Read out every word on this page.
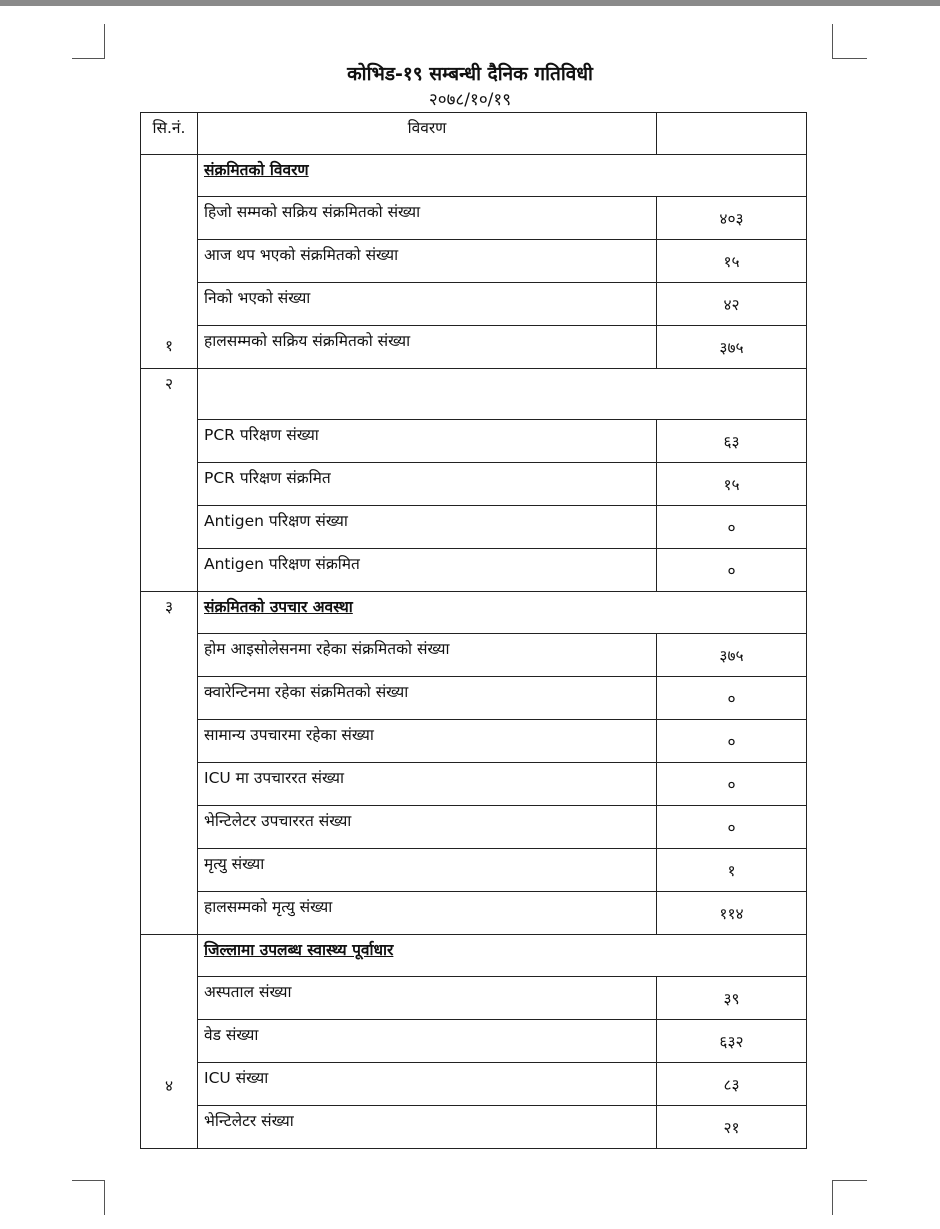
कोभिड-१९ सम्बन्धी दैनिक गतिविधी
२०७८/१०/१९
सि.नं.	विवरण	
१	संक्रमितको विवरण	
	हिजो सम्मको सक्रिय संक्रमितको संख्या	४०३
	आज थप भएको संक्रमितको संख्या	१५
	निको भएको संख्या	४२
	हालसम्मको सक्रिय संक्रमितको संख्या	३७५
२		
	PCR परिक्षण संख्या	६३
	PCR परिक्षण संक्रमित	१५
	Antigen परिक्षण संख्या	०
	Antigen परिक्षण संक्रमित	०
३	संक्रमितको उपचार अवस्था	
	होम आइसोलेसनमा रहेका संक्रमितको संख्या	३७५
	क्वारेन्टिनमा रहेका संक्रमितको संख्या	०
	सामान्य उपचारमा रहेका संख्या	०
	ICU मा उपचाररत संख्या	०
	भेन्टिलेटर उपचाररत संख्या	०
	मृत्यु संख्या	१
	हालसम्मको मृत्यु संख्या	११४
४	जिल्लामा उपलब्ध स्वास्थ्य पूर्वाधार	
	अस्पताल संख्या	३९
	वेड संख्या	६३२
	ICU संख्या	८३
	भेन्टिलेटर संख्या	२१
